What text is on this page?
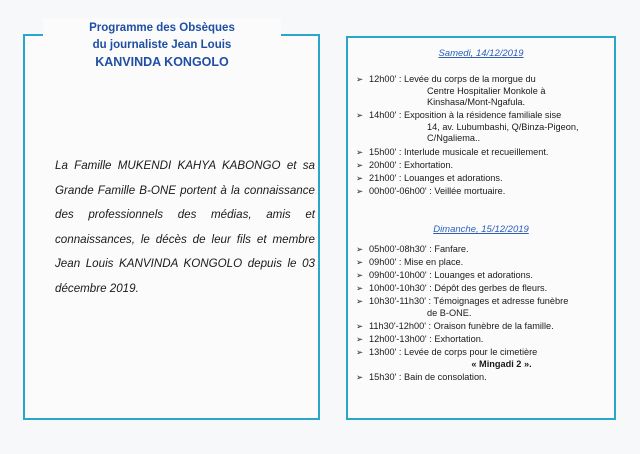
La Famille MUKENDI KAHYA KABONGO et sa Grande Famille B-ONE portent à la connaissance des professionnels des médias, amis et connaissances, le décès de leur fils et membre Jean Louis KANVINDA KONGOLO depuis le 03 décembre 2019.

Programme des Obsèques
du journaliste Jean Louis
KANVINDA KONGOLO
Samedi, 14/12/2019
➢ 12h00' : Levée du corps de la morgue du
Centre Hospitalier Monkole à
Kinshasa/Mont-Ngafula.
➢ 14h00' : Exposition à la résidence familiale sise
14, av. Lubumbashi, Q/Binza-Pigeon,
C/Ngaliema..
➢ 15h00' : Interlude musicale et recueillement.
➢ 20h00' : Exhortation.
➢ 21h00' : Louanges et adorations.
➢ 00h00'-06h00' : Veillée mortuaire.
Dimanche, 15/12/2019
➢ 05h00'-08h30' : Fanfare.
➢ 09h00' : Mise en place.
➢ 09h00'-10h00' : Louanges et adorations.
➢ 10h00'-10h30' : Dépôt des gerbes de fleurs.
➢ 10h30'-11h30' : Témoignages et adresse funèbre
de B-ONE.
➢ 11h30'-12h00' : Oraison funèbre de la famille.
➢ 12h00'-13h00' : Exhortation.
➢ 13h00' : Levée de corps pour le cimetière
« Mingadi 2 ».
➢ 15h30' : Bain de consolation.
